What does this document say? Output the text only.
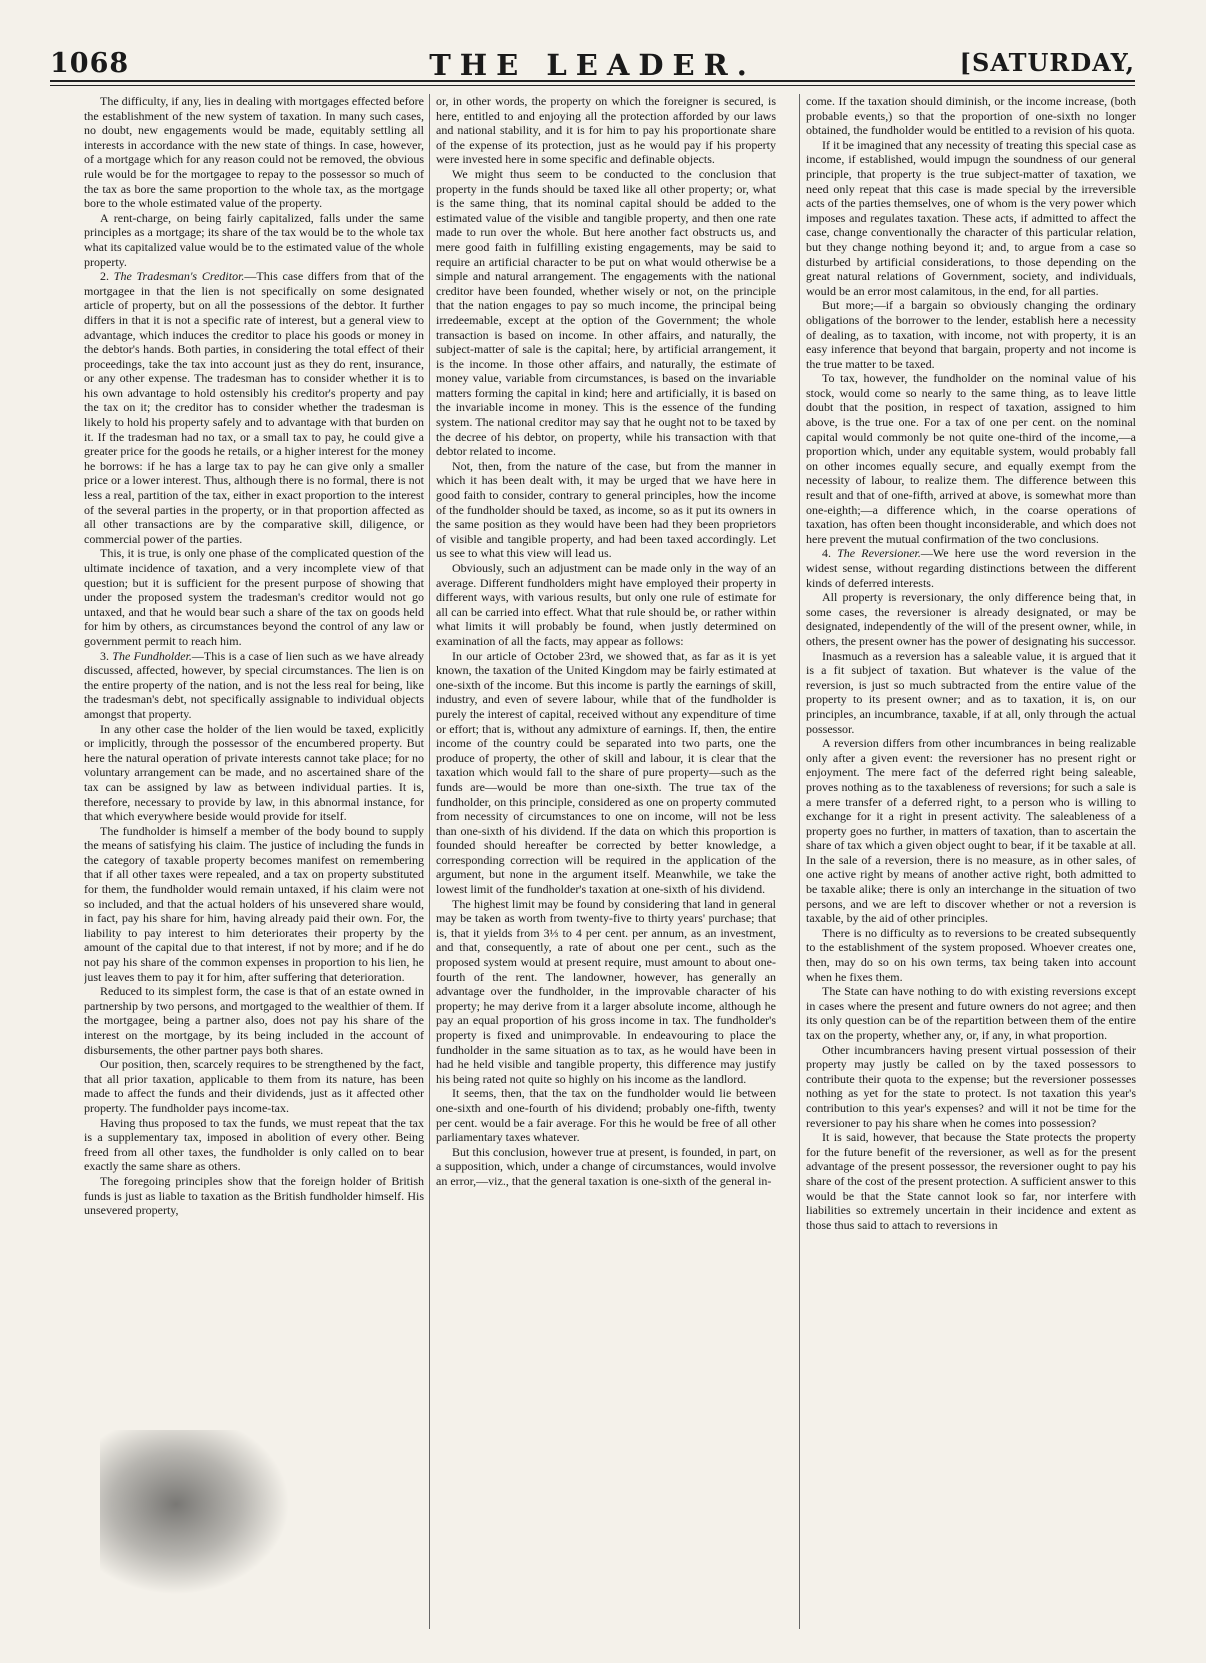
1068	THE LEADER.	[SATURDAY,

The difficulty, if any, lies in dealing with mortgages effected before the establishment of the new system of taxation. In many such cases, no doubt, new engagements would be made, equitably settling all interests in accordance with the new state of things. In case, however, of a mortgage which for any reason could not be removed, the obvious rule would be for the mortgagee to repay to the possessor so much of the tax as bore the same proportion to the whole tax, as the mortgage bore to the whole estimated value of the property.

A rent-charge, on being fairly capitalized, falls under the same principles as a mortgage; its share of the tax would be to the whole tax what its capitalized value would be to the estimated value of the whole property.

2. The Tradesman's Creditor.—This case differs from that of the mortgagee in that the lien is not specifically on some designated article of property, but on all the possessions of the debtor. It further differs in that it is not a specific rate of interest, but a general view to advantage, which induces the creditor to place his goods or money in the debtor's hands. Both parties, in considering the total effect of their proceedings, take the tax into account just as they do rent, insurance, or any other expense. The tradesman has to consider whether it is to his own advantage to hold ostensibly his creditor's property and pay the tax on it; the creditor has to consider whether the tradesman is likely to hold his property safely and to advantage with that burden on it. If the tradesman had no tax, or a small tax to pay, he could give a greater price for the goods he retails, or a higher interest for the money he borrows: if he has a large tax to pay he can give only a smaller price or a lower interest. Thus, although there is no formal, there is not less a real, partition of the tax, either in exact proportion to the interest of the several parties in the property, or in that proportion affected as all other transactions are by the comparative skill, diligence, or commercial power of the parties.

This, it is true, is only one phase of the complicated question of the ultimate incidence of taxation, and a very incomplete view of that question; but it is sufficient for the present purpose of showing that under the proposed system the tradesman's creditor would not go untaxed, and that he would bear such a share of the tax on goods held for him by others, as circumstances beyond the control of any law or government permit to reach him.

3. The Fundholder.—This is a case of lien such as we have already discussed, affected, however, by special circumstances. The lien is on the entire property of the nation, and is not the less real for being, like the tradesman's debt, not specifically assignable to individual objects amongst that property.

In any other case the holder of the lien would be taxed, explicitly or implicitly, through the possessor of the encumbered property. But here the natural operation of private interests cannot take place; for no voluntary arrangement can be made, and no ascertained share of the tax can be assigned by law as between individual parties. It is, therefore, necessary to provide by law, in this abnormal instance, for that which everywhere beside would provide for itself.

The fundholder is himself a member of the body bound to supply the means of satisfying his claim. The justice of including the funds in the category of taxable property becomes manifest on remembering that if all other taxes were repealed, and a tax on property substituted for them, the fundholder would remain untaxed, if his claim were not so included, and that the actual holders of his unsevered share would, in fact, pay his share for him, having already paid their own. For, the liability to pay interest to him deteriorates their property by the amount of the capital due to that interest, if not by more; and if he do not pay his share of the common expenses in proportion to his lien, he just leaves them to pay it for him, after suffering that deterioration.

Reduced to its simplest form, the case is that of an estate owned in partnership by two persons, and mortgaged to the wealthier of them. If the mortgagee, being a partner also, does not pay his share of the interest on the mortgage, by its being included in the account of disbursements, the other partner pays both shares.

Our position, then, scarcely requires to be strengthened by the fact, that all prior taxation, applicable to them from its nature, has been made to affect the funds and their dividends, just as it affected other property. The fundholder pays income-tax.

Having thus proposed to tax the funds, we must repeat that the tax is a supplementary tax, imposed in abolition of every other. Being freed from all other taxes, the fundholder is only called on to bear exactly the same share as others.

The foregoing principles show that the foreign holder of British funds is just as liable to taxation as the British fundholder himself. His unsevered property,

or, in other words, the property on which the foreigner is secured, is here, entitled to and enjoying all the protection afforded by our laws and national stability, and it is for him to pay his proportionate share of the expense of its protection, just as he would pay if his property were invested here in some specific and definable objects.

We might thus seem to be conducted to the conclusion that property in the funds should be taxed like all other property; or, what is the same thing, that its nominal capital should be added to the estimated value of the visible and tangible property, and then one rate made to run over the whole. But here another fact obstructs us, and mere good faith in fulfilling existing engagements, may be said to require an artificial character to be put on what would otherwise be a simple and natural arrangement. The engagements with the national creditor have been founded, whether wisely or not, on the principle that the nation engages to pay so much income, the principal being irredeemable, except at the option of the Government; the whole transaction is based on income. In other affairs, and naturally, the subject-matter of sale is the capital; here, by artificial arrangement, it is the income. In those other affairs, and naturally, the estimate of money value, variable from circumstances, is based on the invariable matters forming the capital in kind; here and artificially, it is based on the invariable income in money. This is the essence of the funding system. The national creditor may say that he ought not to be taxed by the decree of his debtor, on property, while his transaction with that debtor related to income.

Not, then, from the nature of the case, but from the manner in which it has been dealt with, it may be urged that we have here in good faith to consider, contrary to general principles, how the income of the fundholder should be taxed, as income, so as it put its owners in the same position as they would have been had they been proprietors of visible and tangible property, and had been taxed accordingly. Let us see to what this view will lead us.

Obviously, such an adjustment can be made only in the way of an average. Different fundholders might have employed their property in different ways, with various results, but only one rule of estimate for all can be carried into effect. What that rule should be, or rather within what limits it will probably be found, when justly determined on examination of all the facts, may appear as follows:

In our article of October 23rd, we showed that, as far as it is yet known, the taxation of the United Kingdom may be fairly estimated at one-sixth of the income. But this income is partly the earnings of skill, industry, and even of severe labour, while that of the fundholder is purely the interest of capital, received without any expenditure of time or effort; that is, without any admixture of earnings. If, then, the entire income of the country could be separated into two parts, one the produce of property, the other of skill and labour, it is clear that the taxation which would fall to the share of pure property—such as the funds are—would be more than one-sixth. The true tax of the fundholder, on this principle, considered as one on property commuted from necessity of circumstances to one on income, will not be less than one-sixth of his dividend. If the data on which this proportion is founded should hereafter be corrected by better knowledge, a corresponding correction will be required in the application of the argument, but none in the argument itself. Meanwhile, we take the lowest limit of the fundholder's taxation at one-sixth of his dividend.

The highest limit may be found by considering that land in general may be taken as worth from twenty-five to thirty years' purchase; that is, that it yields from 3⅓ to 4 per cent. per annum, as an investment, and that, consequently, a rate of about one per cent., such as the proposed system would at present require, must amount to about one-fourth of the rent. The landowner, however, has generally an advantage over the fundholder, in the improvable character of his property; he may derive from it a larger absolute income, although he pay an equal proportion of his gross income in tax. The fundholder's property is fixed and unimprovable. In endeavouring to place the fundholder in the same situation as to tax, as he would have been in had he held visible and tangible property, this difference may justify his being rated not quite so highly on his income as the landlord.

It seems, then, that the tax on the fundholder would lie between one-sixth and one-fourth of his dividend; probably one-fifth, twenty per cent. would be a fair average. For this he would be free of all other parliamentary taxes whatever.

But this conclusion, however true at present, is founded, in part, on a supposition, which, under a change of circumstances, would involve an error,—viz., that the general taxation is one-sixth of the general in-

come. If the taxation should diminish, or the income increase, (both probable events,) so that the proportion of one-sixth no longer obtained, the fundholder would be entitled to a revision of his quota.

If it be imagined that any necessity of treating this special case as income, if established, would impugn the soundness of our general principle, that property is the true subject-matter of taxation, we need only repeat that this case is made special by the irreversible acts of the parties themselves, one of whom is the very power which imposes and regulates taxation. These acts, if admitted to affect the case, change conventionally the character of this particular relation, but they change nothing beyond it; and, to argue from a case so disturbed by artificial considerations, to those depending on the great natural relations of Government, society, and individuals, would be an error most calamitous, in the end, for all parties.

But more;—if a bargain so obviously changing the ordinary obligations of the borrower to the lender, establish here a necessity of dealing, as to taxation, with income, not with property, it is an easy inference that beyond that bargain, property and not income is the true matter to be taxed.

To tax, however, the fundholder on the nominal value of his stock, would come so nearly to the same thing, as to leave little doubt that the position, in respect of taxation, assigned to him above, is the true one. For a tax of one per cent. on the nominal capital would commonly be not quite one-third of the income,—a proportion which, under any equitable system, would probably fall on other incomes equally secure, and equally exempt from the necessity of labour, to realize them. The difference between this result and that of one-fifth, arrived at above, is somewhat more than one-eighth;—a difference which, in the coarse operations of taxation, has often been thought inconsiderable, and which does not here prevent the mutual confirmation of the two conclusions.

4. The Reversioner.—We here use the word reversion in the widest sense, without regarding distinctions between the different kinds of deferred interests.

All property is reversionary, the only difference being that, in some cases, the reversioner is already designated, or may be designated, independently of the will of the present owner, while, in others, the present owner has the power of designating his successor.

Inasmuch as a reversion has a saleable value, it is argued that it is a fit subject of taxation. But whatever is the value of the reversion, is just so much subtracted from the entire value of the property to its present owner; and as to taxation, it is, on our principles, an incumbrance, taxable, if at all, only through the actual possessor.

A reversion differs from other incumbrances in being realizable only after a given event: the reversioner has no present right or enjoyment. The mere fact of the deferred right being saleable, proves nothing as to the taxableness of reversions; for such a sale is a mere transfer of a deferred right, to a person who is willing to exchange for it a right in present activity. The saleableness of a property goes no further, in matters of taxation, than to ascertain the share of tax which a given object ought to bear, if it be taxable at all. In the sale of a reversion, there is no measure, as in other sales, of one active right by means of another active right, both admitted to be taxable alike; there is only an interchange in the situation of two persons, and we are left to discover whether or not a reversion is taxable, by the aid of other principles.

There is no difficulty as to reversions to be created subsequently to the establishment of the system proposed. Whoever creates one, then, may do so on his own terms, tax being taken into account when he fixes them.

The State can have nothing to do with existing reversions except in cases where the present and future owners do not agree; and then its only question can be of the repartition between them of the entire tax on the property, whether any, or, if any, in what proportion.

Other incumbrancers having present virtual possession of their property may justly be called on by the taxed possessors to contribute their quota to the expense; but the reversioner possesses nothing as yet for the state to protect. Is not taxation this year's contribution to this year's expenses? and will it not be time for the reversioner to pay his share when he comes into possession?

It is said, however, that because the State protects the property for the future benefit of the reversioner, as well as for the present advantage of the present possessor, the reversioner ought to pay his share of the cost of the present protection. A sufficient answer to this would be that the State cannot look so far, nor interfere with liabilities so extremely uncertain in their incidence and extent as those thus said to attach to reversions in
